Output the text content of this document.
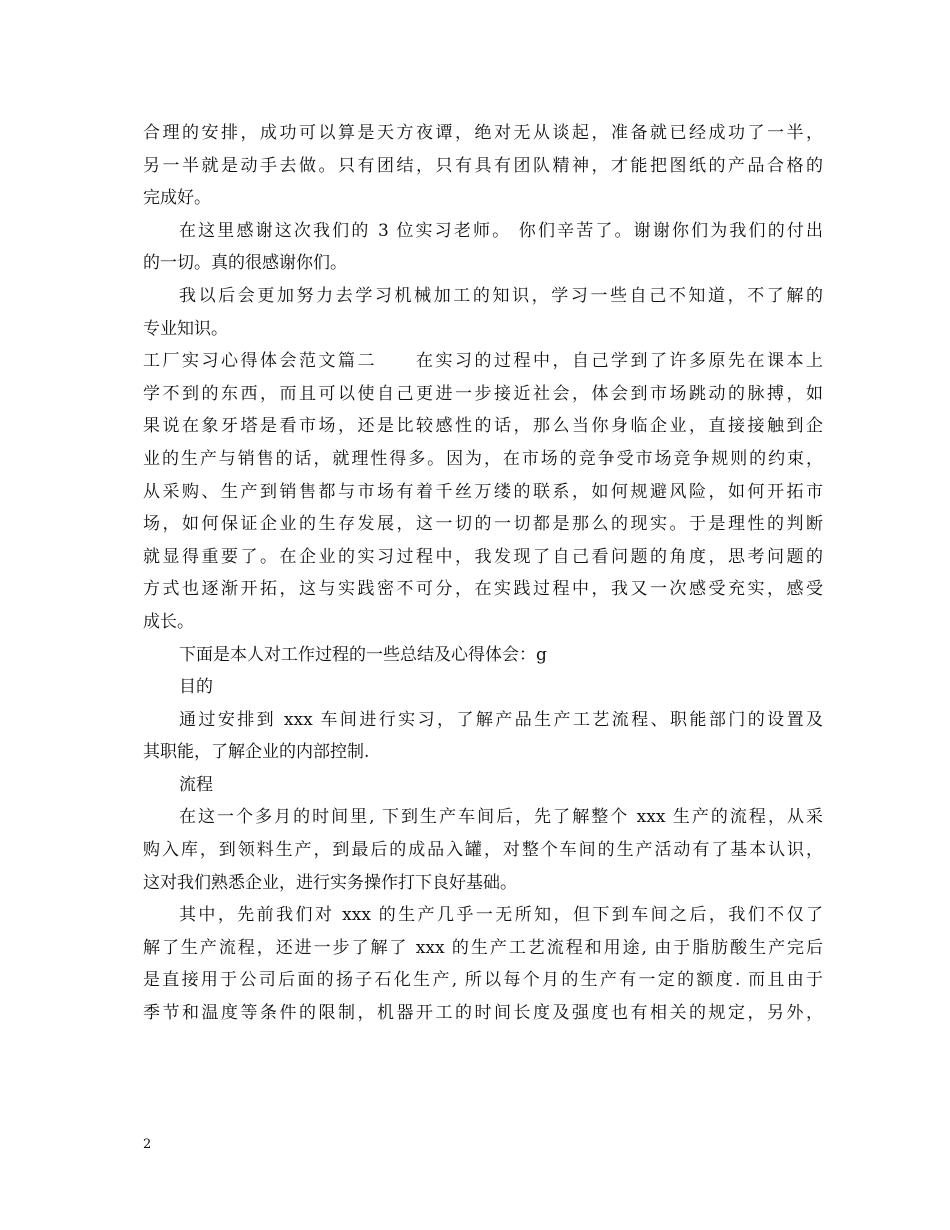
合理的安排，成功可以算是天方夜谭，绝对无从谈起，准备就已经成功了一半，
另一半就是动手去做。只有团结，只有具有团队精神，才能把图纸的产品合格的
完成好。
在这里感谢这次我们的 3 位实习老师。 你们辛苦了。谢谢你们为我们的付出
的一切。真的很感谢你们。
我以后会更加努力去学习机械加工的知识，学习一些自己不知道，不了解的
专业知识。
工厂实习心得体会范文篇二　　在实习的过程中，自己学到了许多原先在课本上
学不到的东西，而且可以使自己更进一步接近社会，体会到市场跳动的脉搏，如
果说在象牙塔是看市场，还是比较感性的话，那么当你身临企业，直接接触到企
业的生产与销售的话，就理性得多。因为，在市场的竞争受市场竞争规则的约束，
从采购、生产到销售都与市场有着千丝万缕的联系，如何规避风险，如何开拓市
场，如何保证企业的生存发展，这一切的一切都是那么的现实。于是理性的判断
就显得重要了。在企业的实习过程中，我发现了自己看问题的角度，思考问题的
方式也逐渐开拓，这与实践密不可分，在实践过程中，我又一次感受充实，感受
成长。
下面是本人对工作过程的一些总结及心得体会：g
目的
通过安排到 xxx 车间进行实习，了解产品生产工艺流程、职能部门的设置及
其职能，了解企业的内部控制.
流程
在这一个多月的时间里, 下到生产车间后，先了解整个 xxx 生产的流程，从采
购入库，到领料生产，到最后的成品入罐，对整个车间的生产活动有了基本认识，
这对我们熟悉企业，进行实务操作打下良好基础。
其中，先前我们对 xxx 的生产几乎一无所知，但下到车间之后，我们不仅了
解了生产流程，还进一步了解了 xxx 的生产工艺流程和用途, 由于脂肪酸生产完后
是直接用于公司后面的扬子石化生产, 所以每个月的生产有一定的额度. 而且由于
季节和温度等条件的限制，机器开工的时间长度及强度也有相关的规定，另外，
2
